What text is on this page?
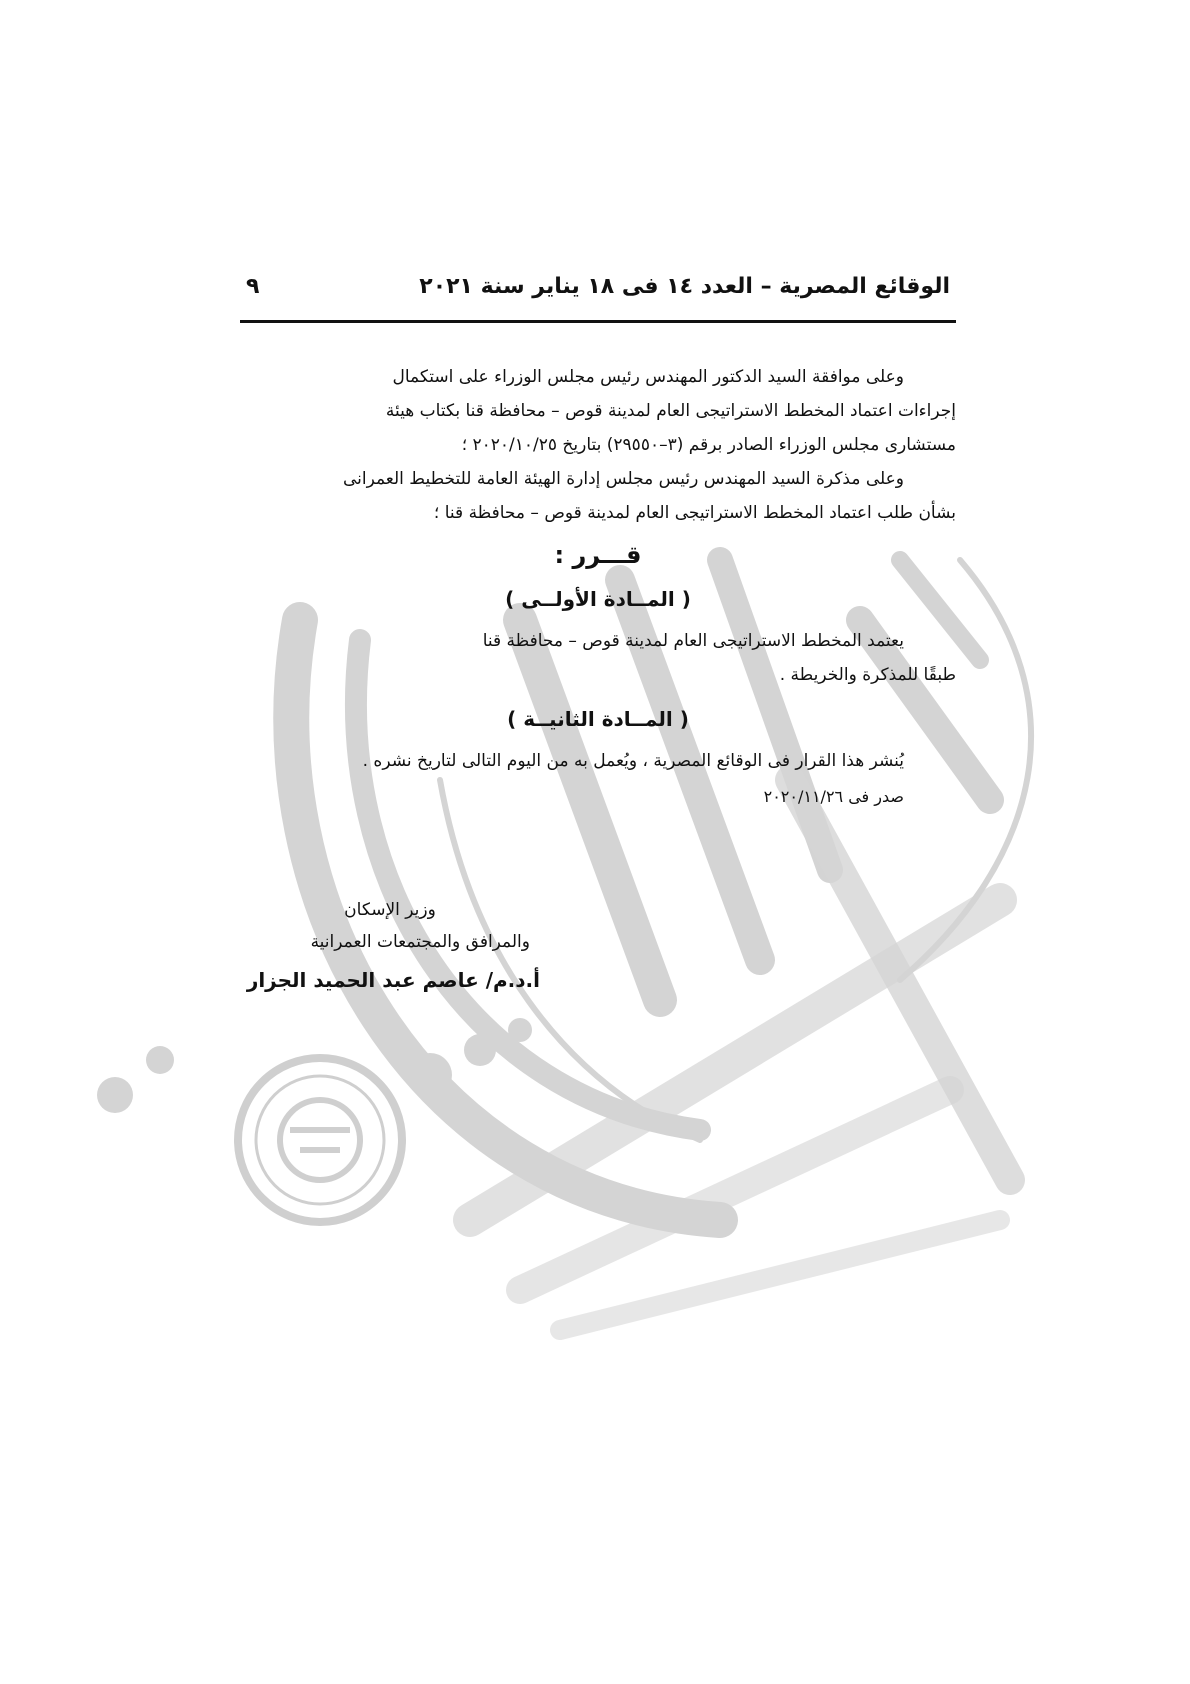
الوقائع المصرية – العدد ١٤ فى ١٨ يناير سنة ٢٠٢١
٩

وعلى موافقة السيد الدكتور المهندس رئيس مجلس الوزراء على استكمال
إجراءات اعتماد المخطط الاستراتيجى العام لمدينة قوص – محافظة قنا بكتاب هيئة
مستشارى مجلس الوزراء الصادر برقم (٣–٢٩٥٥٠) بتاريخ ٢٠٢٠/١٠/٢٥ ؛

وعلى مذكرة السيد المهندس رئيس مجلس إدارة الهيئة العامة للتخطيط العمرانى
بشأن طلب اعتماد المخطط الاستراتيجى العام لمدينة قوص – محافظة قنا ؛

قـــرر :
( المــادة الأولــى )

يعتمد المخطط الاستراتيجى العام لمدينة قوص – محافظة قنا
طبقًا للمذكرة والخريطة .

( المــادة الثانيــة )

يُنشر هذا القرار فى الوقائع المصرية ، ويُعمل به من اليوم التالى لتاريخ نشره .

صدر فى ٢٠٢٠/١١/٢٦
وزير الإسكان
والمرافق والمجتمعات العمرانية
أ.د.م/ عاصم عبد الحميد الجزار
